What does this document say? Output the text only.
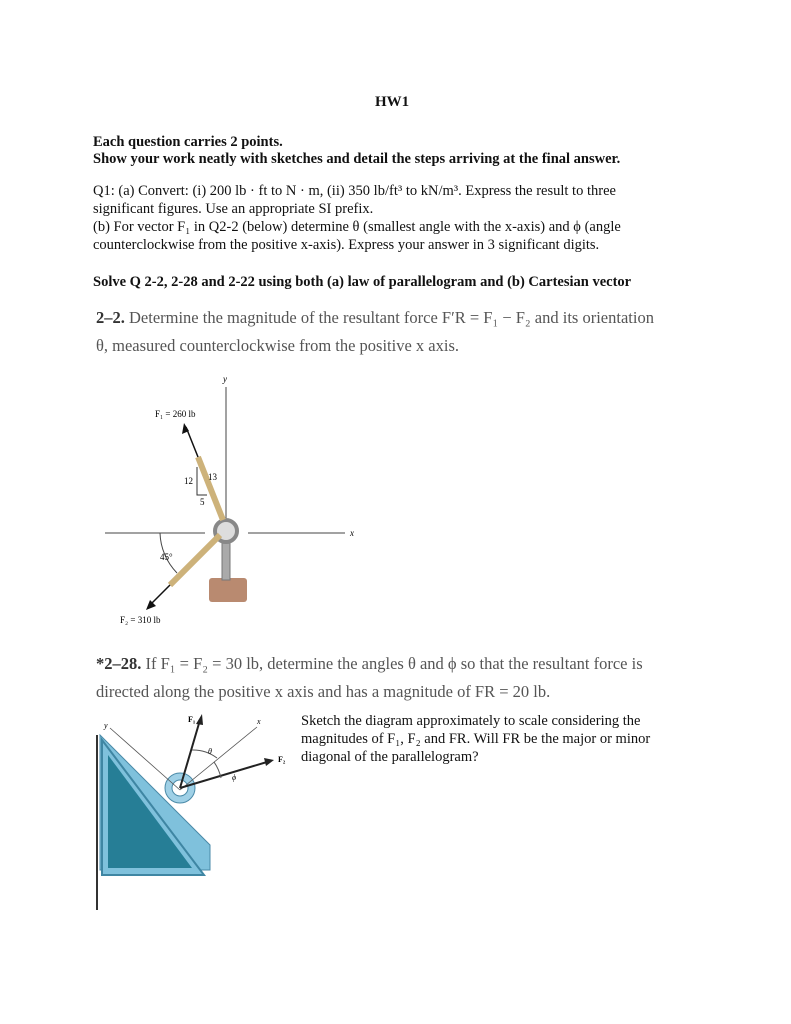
HW1
Each question carries 2 points.
Show your work neatly with sketches and detail the steps arriving at the final answer.
Q1: (a) Convert: (i) 200 lb · ft to N · m, (ii) 350 lb/ft³ to kN/m³. Express the result to three
significant figures. Use an appropriate SI prefix.
(b) For vector F₁ in Q2-2 (below) determine θ (smallest angle with the x-axis) and ϕ (angle
counterclockwise from the positive x-axis). Express your answer in 3 significant digits.
Solve Q 2-2, 2-28 and 2-22 using both (a) law of parallelogram and (b) Cartesian vector
2–2. Determine the magnitude of the resultant force F′R = F₁ − F₂ and its orientation
θ, measured counterclockwise from the positive x axis.
x
y
F₁ = 260 lb
12 13
5
45°
F₂ = 310 lb
*2–28. If F₁ = F₂ = 30 lb, determine the angles θ and ϕ so that the resultant force is
directed along the positive x axis and has a magnitude of FR = 20 lb.
y	x
F₁
F₂
θ
ϕ
Sketch the diagram approximately to scale considering the
magnitudes of F₁, F₂ and FR. Will FR be the major or minor
diagonal of the parallelogram?
